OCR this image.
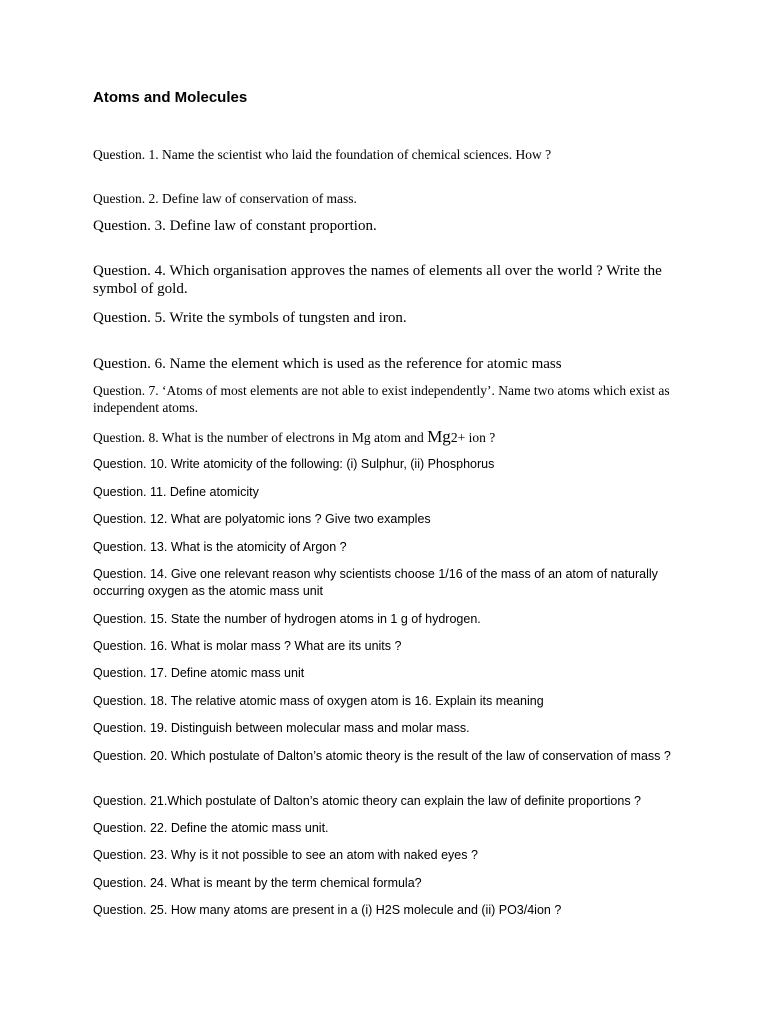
Atoms and Molecules
Question. 1. Name the scientist who laid the foundation of chemical sciences. How ?
Question. 2. Define law of conservation of mass.
Question. 3. Define law of constant proportion.
Question. 4. Which organisation approves the names of elements all over the world ? Write the symbol of gold.
Question. 5. Write the symbols of tungsten and iron.
Question. 6. Name the element which is used as the reference for atomic mass
Question. 7. ‘Atoms of most elements are not able to exist independently’. Name two atoms which exist as independent atoms.
Question. 8. What is the number of electrons in Mg atom and Mg2+ ion ?
Question. 10. Write atomicity of the following: (i) Sulphur, (ii) Phosphorus
Question. 11. Define atomicity
Question. 12. What are polyatomic ions ? Give two examples
Question. 13. What is the atomicity of Argon ?
Question. 14. Give one relevant reason why scientists choose 1/16 of the mass of an atom of naturally occurring oxygen as the atomic mass unit
Question. 15. State the number of hydrogen atoms in 1 g of hydrogen.
Question. 16. What is molar mass ? What are its units ?
Question. 17. Define atomic mass unit
Question. 18. The relative atomic mass of oxygen atom is 16. Explain its meaning
Question. 19. Distinguish between molecular mass and molar mass.
Question. 20. Which postulate of Dalton’s atomic theory is the result of the law of conservation of mass ?
Question. 21.Which postulate of Dalton’s atomic theory can explain the law of definite proportions ?
Question. 22. Define the atomic mass unit.
Question. 23. Why is it not possible to see an atom with naked eyes ?
Question. 24. What is meant by the term chemical formula?
Question. 25. How many atoms are present in a (i) H2S molecule and (ii) PO3/4ion ?
